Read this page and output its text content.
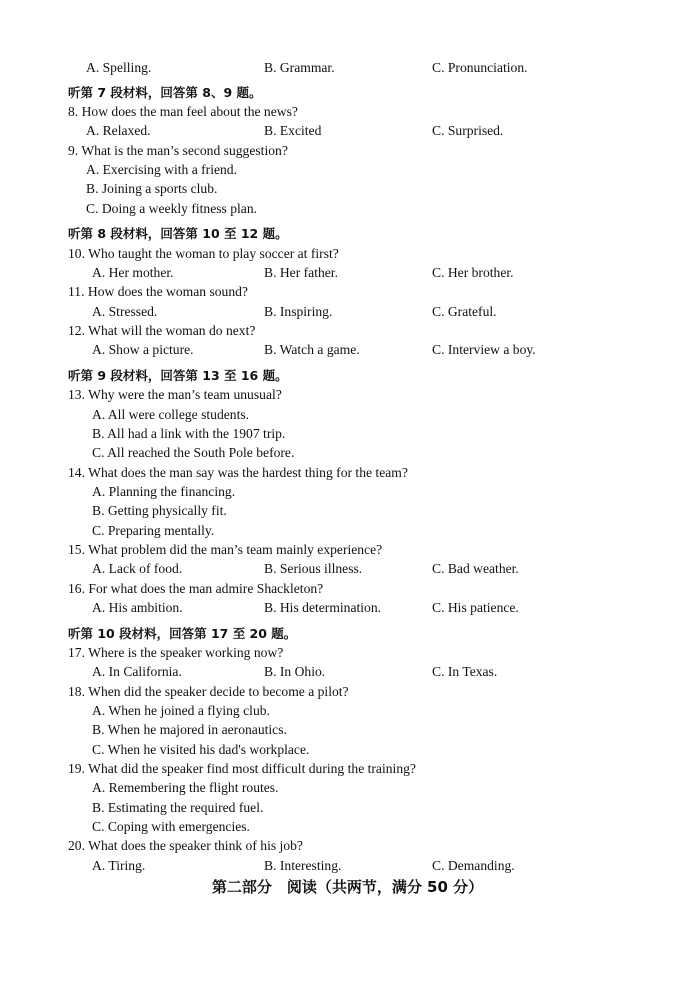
A. Spelling.	B. Grammar.	C. Pronunciation.
听第 7 段材料，回答第 8、9 题。
8. How does the man feel about the news?
A. Relaxed.	B. Excited	C. Surprised.
9. What is the man’s second suggestion?
A. Exercising with a friend.
B. Joining a sports club.
C. Doing a weekly fitness plan.
听第 8 段材料，回答第 10 至 12 题。
10. Who taught the woman to play soccer at first?
A. Her mother.	B. Her father.	C. Her brother.
11. How does the woman sound?
A. Stressed.	B. Inspiring.	C. Grateful.
12. What will the woman do next?
A. Show a picture.	B. Watch a game.	C. Interview a boy.
听第 9 段材料，回答第 13 至 16 题。
13. Why were the man’s team unusual?
A. All were college students.
B. All had a link with the 1907 trip.
C. All reached the South Pole before.
14. What does the man say was the hardest thing for the team?
A. Planning the financing.
B. Getting physically fit.
C. Preparing mentally.
15. What problem did the man’s team mainly experience?
A. Lack of food.	B. Serious illness.	C. Bad weather.
16. For what does the man admire Shackleton?
A. His ambition.	B. His determination.	C. His patience.
听第 10 段材料，回答第 17 至 20 题。
17. Where is the speaker working now?
A. In California.	B. In Ohio.	C. In Texas.
18. When did the speaker decide to become a pilot?
A. When he joined a flying club.
B. When he majored in aeronautics.
C. When he visited his dad's workplace.
19. What did the speaker find most difficult during the training?
A. Remembering the flight routes.
B. Estimating the required fuel.
C. Coping with emergencies.
20. What does the speaker think of his job?
A. Tiring.	B. Interesting.	C. Demanding.
第二部分　阅读（共两节，满分 50 分）
